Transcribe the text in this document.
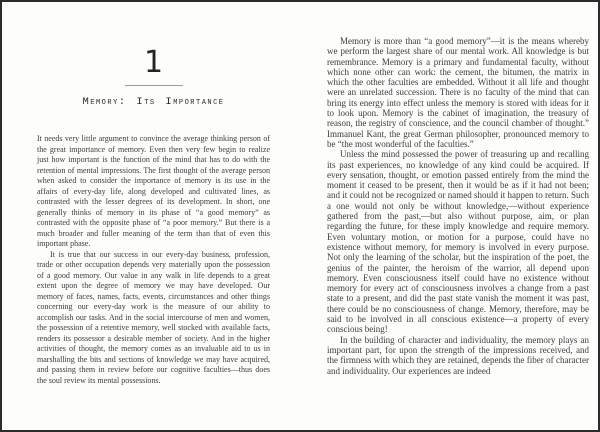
1
Memory: Its Importance

It needs very little argument to convince the average thinking person of the great importance of memory. Even then very few begin to realize just how important is the function of the mind that has to do with the retention of mental impressions. The first thought of the average person when asked to consider the importance of memory is its use in the affairs of every-day life, along developed and cultivated lines, as contrasted with the lesser degrees of its development. In short, one generally thinks of memory in its phase of “a good memory” as contrasted with the opposite phase of “a poor memory.” But there is a much broader and fuller meaning of the term than that of even this important phase.

It is true that our success in our every-day business, profession, trade or other occupation depends very materially upon the possession of a good memory. Our value in any walk in life depends to a great extent upon the degree of memory we may have developed. Our memory of faces, names, facts, events, circumstances and other things concerning our every-day work is the measure of our ability to accomplish our tasks. And in the social intercourse of men and women, the possession of a retentive memory, well stocked with available facts, renders its possessor a desirable member of society. And in the higher activities of thought, the memory comes as an invaluable aid to us in marshalling the bits and sections of knowledge we may have acquired, and passing them in review before our cognitive faculties—thus does the soul review its mental possessions.

Memory is more than “a good memory”—it is the means whereby we perform the largest share of our mental work. All knowledge is but remembrance. Memory is a primary and fundamental faculty, without which none other can work: the cement, the bitumen, the matrix in which the other faculties are embedded. Without it all life and thought were an unrelated succession. There is no faculty of the mind that can bring its energy into effect unless the memory is stored with ideas for it to look upon. Memory is the cabinet of imagination, the treasury of reason, the registry of conscience, and the council chamber of thought.” Immanuel Kant, the great German philosopher, pronounced memory to be “the most wonderful of the faculties.”

Unless the mind possessed the power of treasuring up and recalling its past experiences, no knowledge of any kind could be acquired. If every sensation, thought, or emotion passed entirely from the mind the moment it ceased to be present, then it would be as if it had not been; and it could not be recognized or named should it happen to return. Such a one would not only be without knowledge,—without experience gathered from the past,—but also without purpose, aim, or plan regarding the future, for these imply knowledge and require memory. Even voluntary motion, or motion for a purpose, could have no existence without memory, for memory is involved in every purpose. Not only the learning of the scholar, but the inspiration of the poet, the genius of the painter, the heroism of the warrior, all depend upon memory. Even consciousness itself could have no existence without memory for every act of consciousness involves a change from a past state to a present, and did the past state vanish the moment it was past, there could be no consciousness of change. Memory, therefore, may be said to be involved in all conscious existence—a property of every conscious being!

In the building of character and individuality, the memory plays an important part, for upon the strength of the impressions received, and the firmness with which they are retained, depends the fiber of character and individuality. Our experiences are indeed
